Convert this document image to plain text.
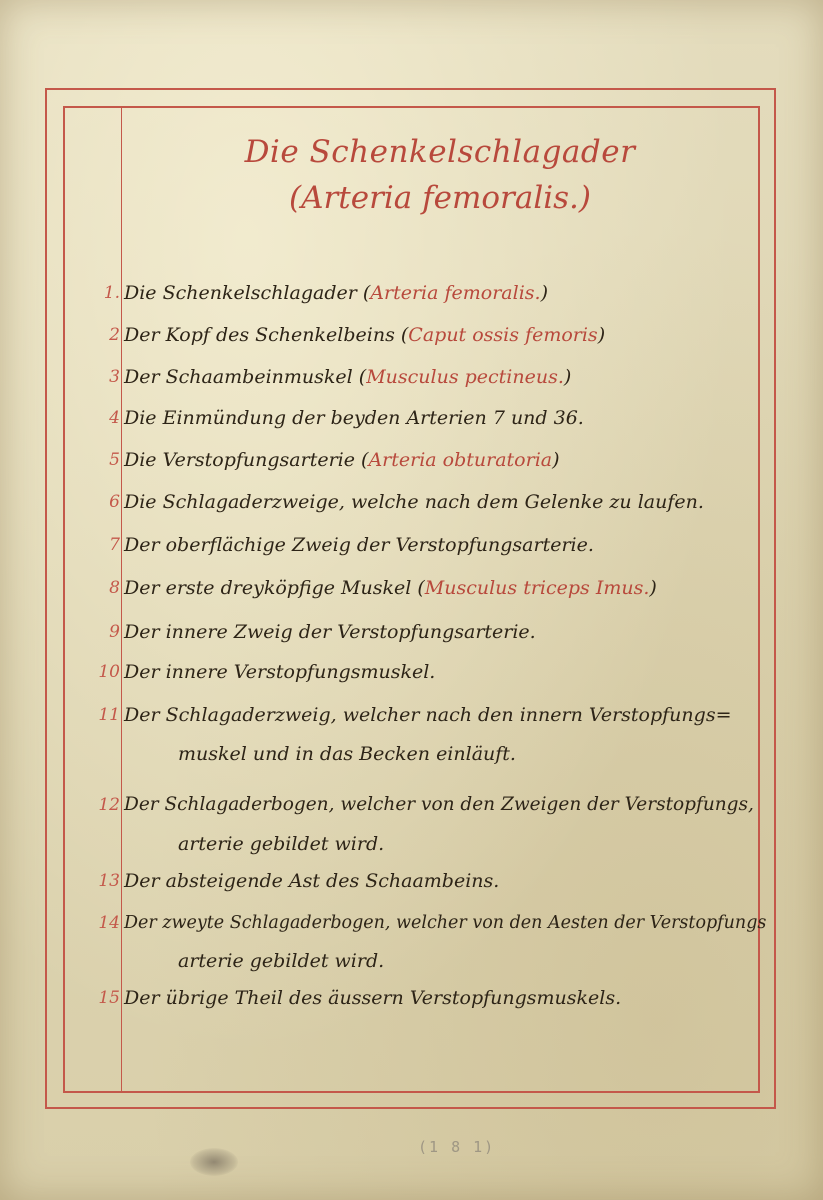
Die Schenkelschlagader
(Arteria femoralis.)
1. Die Schenkelschlagader (Arteria femoralis.)
2 Der Kopf des Schenkelbeins (Caput ossis femoris)
3 Der Schaambeinmuskel (Musculus pectineus.)
4 Die Einmündung der beyden Arterien 7 und 36.
5 Die Verstopfungsarterie (Arteria obturatoria)
6 Die Schlagaderzweige, welche nach dem Gelenke zu laufen.
7 Der oberflächige Zweig der Verstopfungsarterie.
8 Der erste dreyköpfige Muskel (Musculus triceps Imus.)
9 Der innere Zweig der Verstopfungsarterie.
10 Der innere Verstopfungsmuskel.
11 Der Schlagaderzweig, welcher nach den innern Verstopfungs=
muskel und in das Becken einläuft.
12 Der Schlagaderbogen, welcher von den Zweigen der Verstopfungs,
arterie gebildet wird.
13 Der absteigende Ast des Schaambeins.
14 Der zweyte Schlagaderbogen, welcher von den Aesten der Verstopfungs
arterie gebildet wird.
15 Der übrige Theil des äussern Verstopfungsmuskels.
(1 8 1)
